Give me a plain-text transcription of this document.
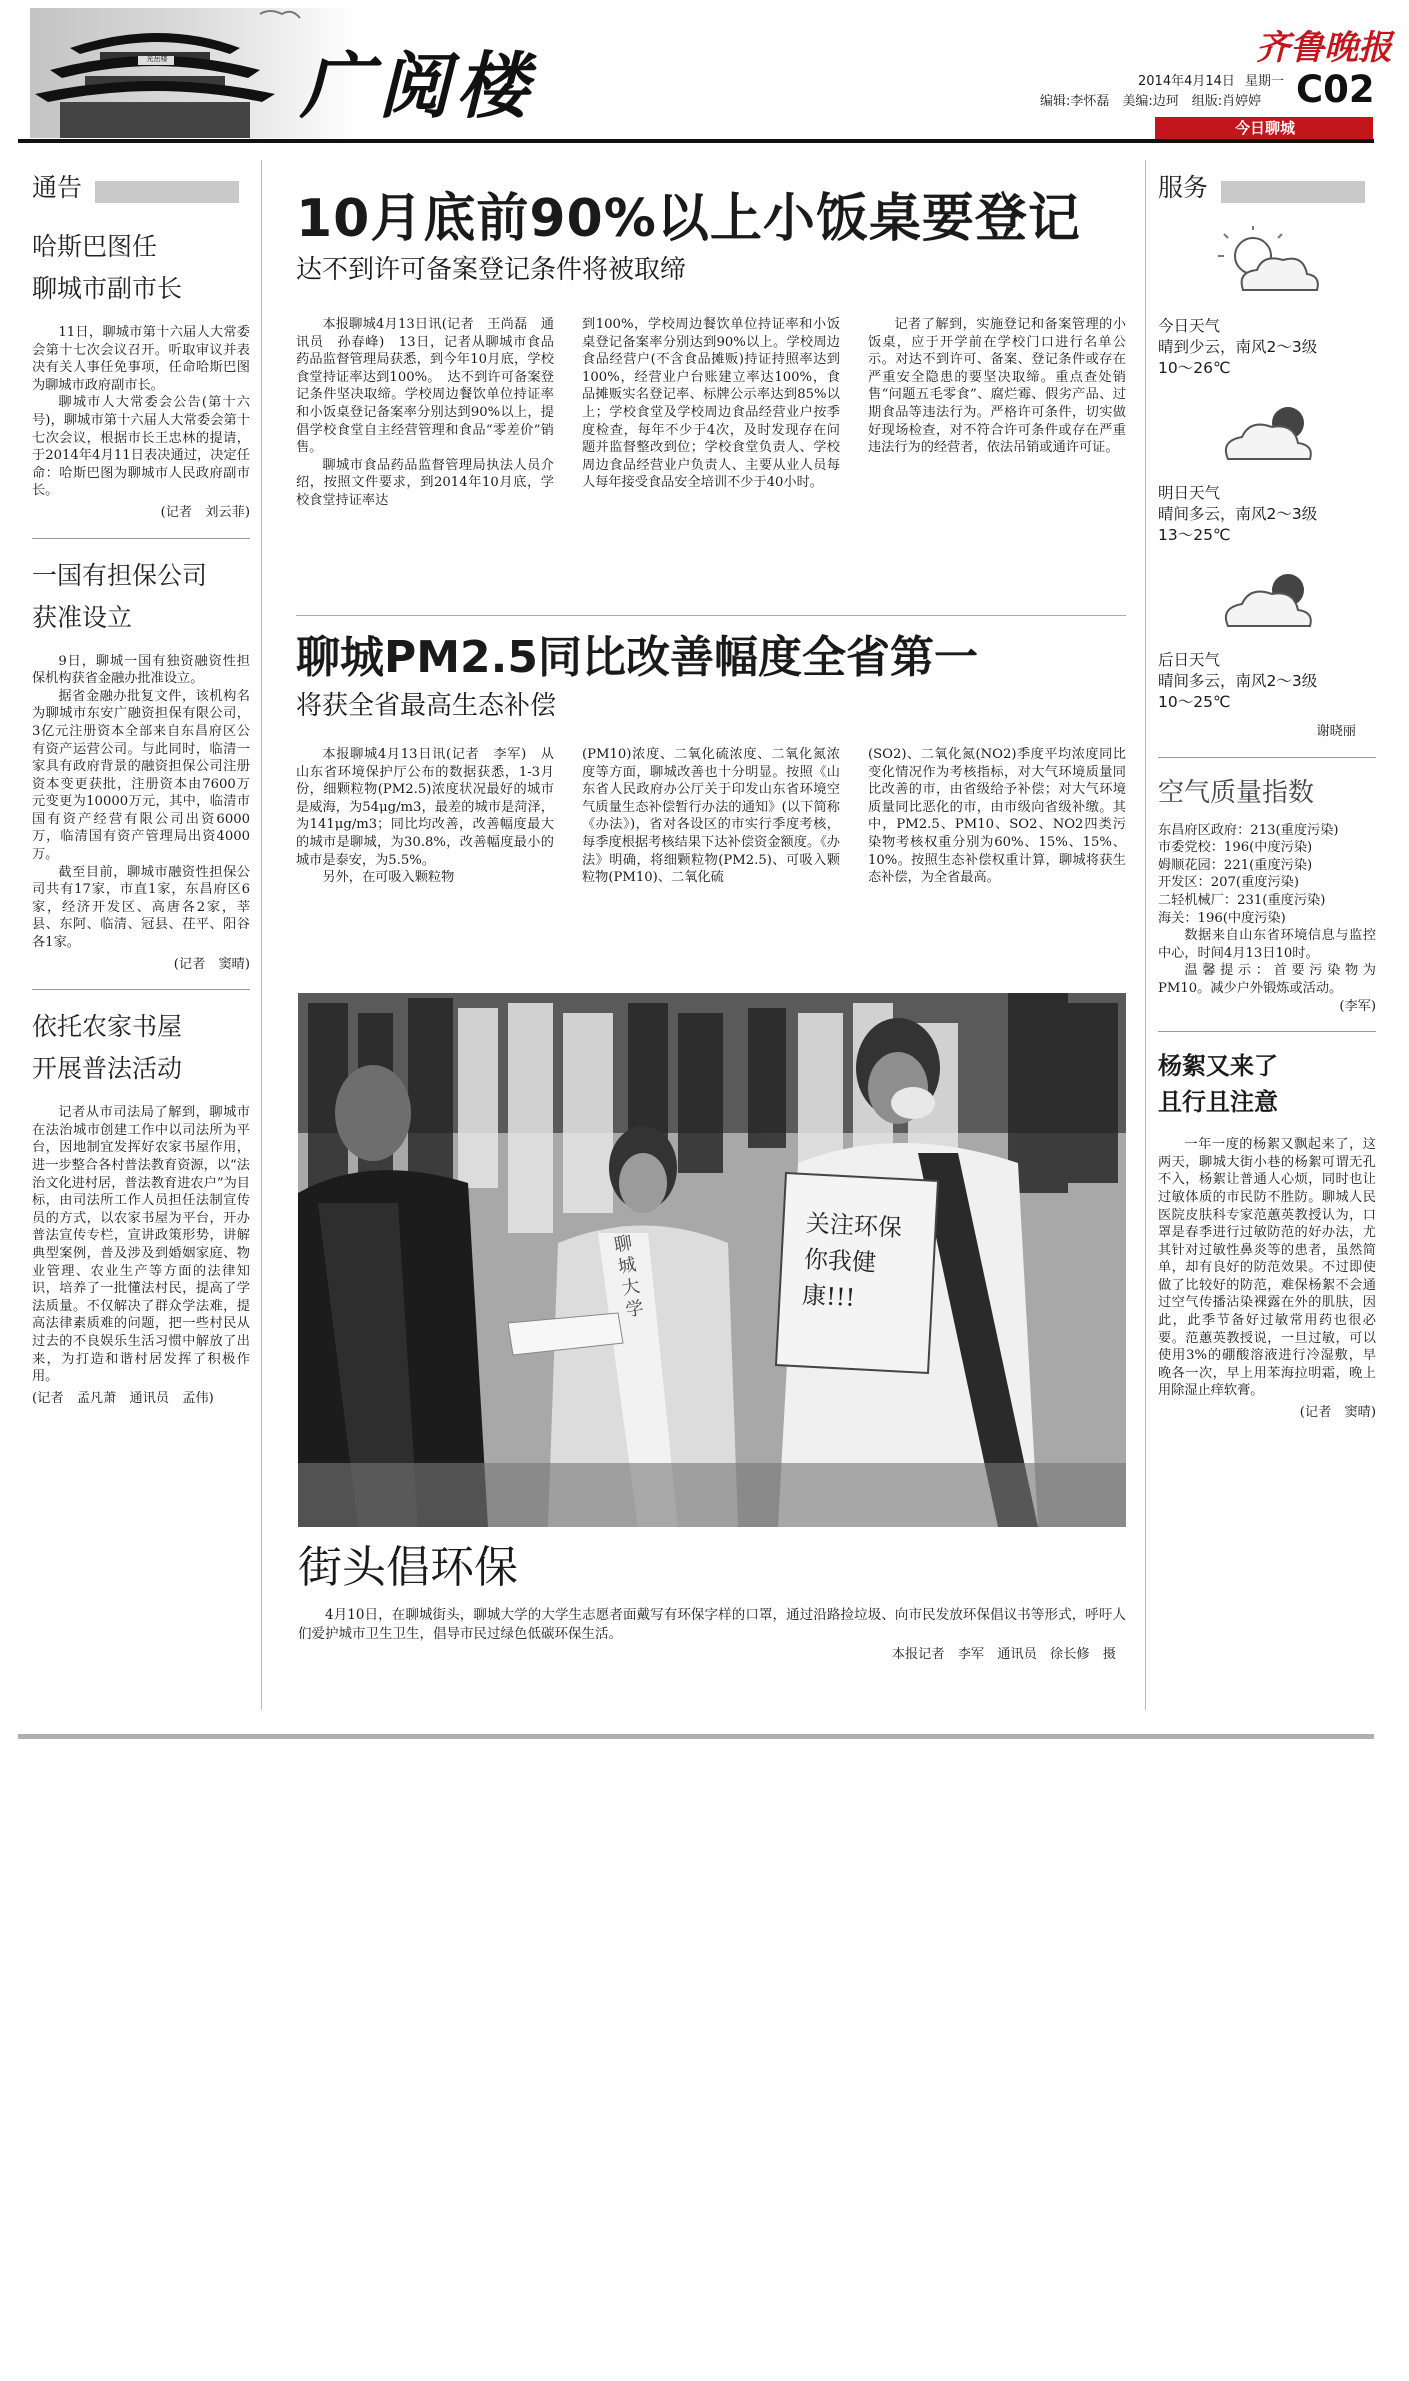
光岳楼 广阅楼	齐鲁晚报
2014年4月14日 星期一
编辑:李怀磊　美编:边珂　组版:肖婷婷 C02
今日聊城
通告
哈斯巴图任
聊城市副市长

11日，聊城市第十六届人大常委会第十七次会议召开。听取审议并表决有关人事任免事项，任命哈斯巴图为聊城市政府副市长。

聊城市人大常委会公告(第十六号)，聊城市第十六届人大常委会第十七次会议，根据市长王忠林的提请，于2014年4月11日表决通过，决定任命：哈斯巴图为聊城市人民政府副市长。

(记者　刘云菲)
一国有担保公司
获准设立

9日，聊城一国有独资融资性担保机构获省金融办批准设立。

据省金融办批复文件，该机构名为聊城市东安广融资担保有限公司，3亿元注册资本全部来自东昌府区公有资产运营公司。与此同时，临清一家具有政府背景的融资担保公司注册资本变更获批，注册资本由7600万元变更为10000万元，其中，临清市国有资产经营有限公司出资6000万，临清国有资产管理局出资4000万。

截至目前，聊城市融资性担保公司共有17家，市直1家，东昌府区6家，经济开发区、高唐各2家，莘县、东阿、临清、冠县、茌平、阳谷各1家。

(记者　窦晴)
依托农家书屋
开展普法活动

记者从市司法局了解到，聊城市在法治城市创建工作中以司法所为平台，因地制宜发挥好农家书屋作用，进一步整合各村普法教育资源，以“法治文化进村居，普法教育进农户”为目标，由司法所工作人员担任法制宣传员的方式，以农家书屋为平台，开办普法宣传专栏，宣讲政策形势，讲解典型案例，普及涉及到婚姻家庭、物业管理、农业生产等方面的法律知识，培养了一批懂法村民，提高了学法质量。不仅解决了群众学法难，提高法律素质难的问题，把一些村民从过去的不良娱乐生活习惯中解放了出来，为打造和谐村居发挥了积极作用。

(记者　孟凡萧　通讯员　孟伟)
10月底前90%以上小饭桌要登记
达不到许可备案登记条件将被取缔

本报聊城4月13日讯(记者　王尚磊　通讯员　孙春峰)　13日，记者从聊城市食品药品监督管理局获悉，到今年10月底，学校食堂持证率达到100%。　达不到许可备案登记条件坚决取缔。学校周边餐饮单位持证率和小饭桌登记备案率分别达到90%以上，提倡学校食堂自主经营管理和食品“零差价”销售。

聊城市食品药品监督管理局执法人员介绍，按照文件要求，到2014年10月底，学校食堂持证率达

到100%，学校周边餐饮单位持证率和小饭桌登记备案率分别达到90%以上。学校周边食品经营户(不含食品摊贩)持证持照率达到100%，经营业户台账建立率达100%，食品摊贩实名登记率、标牌公示率达到85%以上；学校食堂及学校周边食品经营业户按季度检查，每年不少于4次，及时发现存在问题并监督整改到位；学校食堂负责人、学校周边食品经营业户负责人、主要从业人员每人每年接受食品安全培训不少于40小时。

记者了解到，实施登记和备案管理的小饭桌，应于开学前在学校门口进行名单公示。对达不到许可、备案、登记条件或存在严重安全隐患的要坚决取缔。重点查处销售“问题五毛零食”、腐烂霉、假劣产品、过期食品等违法行为。严格许可条件，切实做好现场检查，对不符合许可条件或存在严重违法行为的经营者，依法吊销或通许可证。

聊城PM2.5同比改善幅度全省第一
将获全省最高生态补偿

本报聊城4月13日讯(记者　李军)　从山东省环境保护厅公布的数据获悉，1-3月份，细颗粒物(PM2.5)浓度状况最好的城市是威海，为54μg/m3，最差的城市是菏泽，为141μg/m3；同比均改善，改善幅度最大的城市是聊城，为30.8%，改善幅度最小的城市是泰安，为5.5%。

另外，在可吸入颗粒物

(PM10)浓度、二氧化硫浓度、二氧化氮浓度等方面，聊城改善也十分明显。按照《山东省人民政府办公厅关于印发山东省环境空气质量生态补偿暂行办法的通知》(以下简称《办法》)，省对各设区的市实行季度考核，每季度根据考核结果下达补偿资金额度。《办法》明确，将细颗粒物(PM2.5)、可吸入颗粒物(PM10)、二氧化硫

(SO2)、二氧化氮(NO2)季度平均浓度同比变化情况作为考核指标，对大气环境质量同比改善的市，由省级给予补偿；对大气环境质量同比恶化的市，由市级向省级补缴。其中，PM2.5、PM10、SO2、NO2四类污染物考核权重分别为60%、15%、15%、10%。按照生态补偿权重计算，聊城将获生态补偿，为全省最高。

关注环保 你我健康!!!
聊城大学
街头倡环保
4月10日，在聊城街头，聊城大学的大学生志愿者面戴写有环保字样的口罩，通过沿路捡垃圾、向市民发放环保倡议书等形式，呼吁人们爱护城市卫生卫生，倡导市民过绿色低碳环保生活。
本报记者　李军　通讯员　徐长修　摄
服务
今日天气
晴到少云，南风2～3级
10～26℃
明日天气
晴间多云，南风2～3级
13～25℃
后日天气
晴间多云，南风2～3级
10～25℃
谢晓丽
空气质量指数
东昌府区政府：213(重度污染)
市委党校：196(中度污染)
姆顺花园：221(重度污染)
开发区：207(重度污染)
二轻机械厂：231(重度污染)
海关：196(中度污染)

数据来自山东省环境信息与监控中心，时间4月13日10时。

温馨提示：首要污染物为PM10。减少户外锻炼或活动。

(李军)
杨絮又来了
且行且注意

一年一度的杨絮又飘起来了，这两天，聊城大街小巷的杨絮可谓无孔不入，杨絮让普通人心烦，同时也让过敏体质的市民防不胜防。聊城人民医院皮肤科专家范蕙英教授认为，口罩是春季进行过敏防范的好办法，尤其针对过敏性鼻炎等的患者，虽然简单，却有良好的防范效果。不过即使做了比较好的防范，难保杨絮不会通过空气传播沾染裸露在外的肌肤，因此，此季节备好过敏常用药也很必要。范蕙英教授说，一旦过敏，可以使用3%的硼酸溶液进行冷湿敷，早晚各一次，早上用苯海拉明霜，晚上用除湿止痒软膏。

(记者　窦晴)
